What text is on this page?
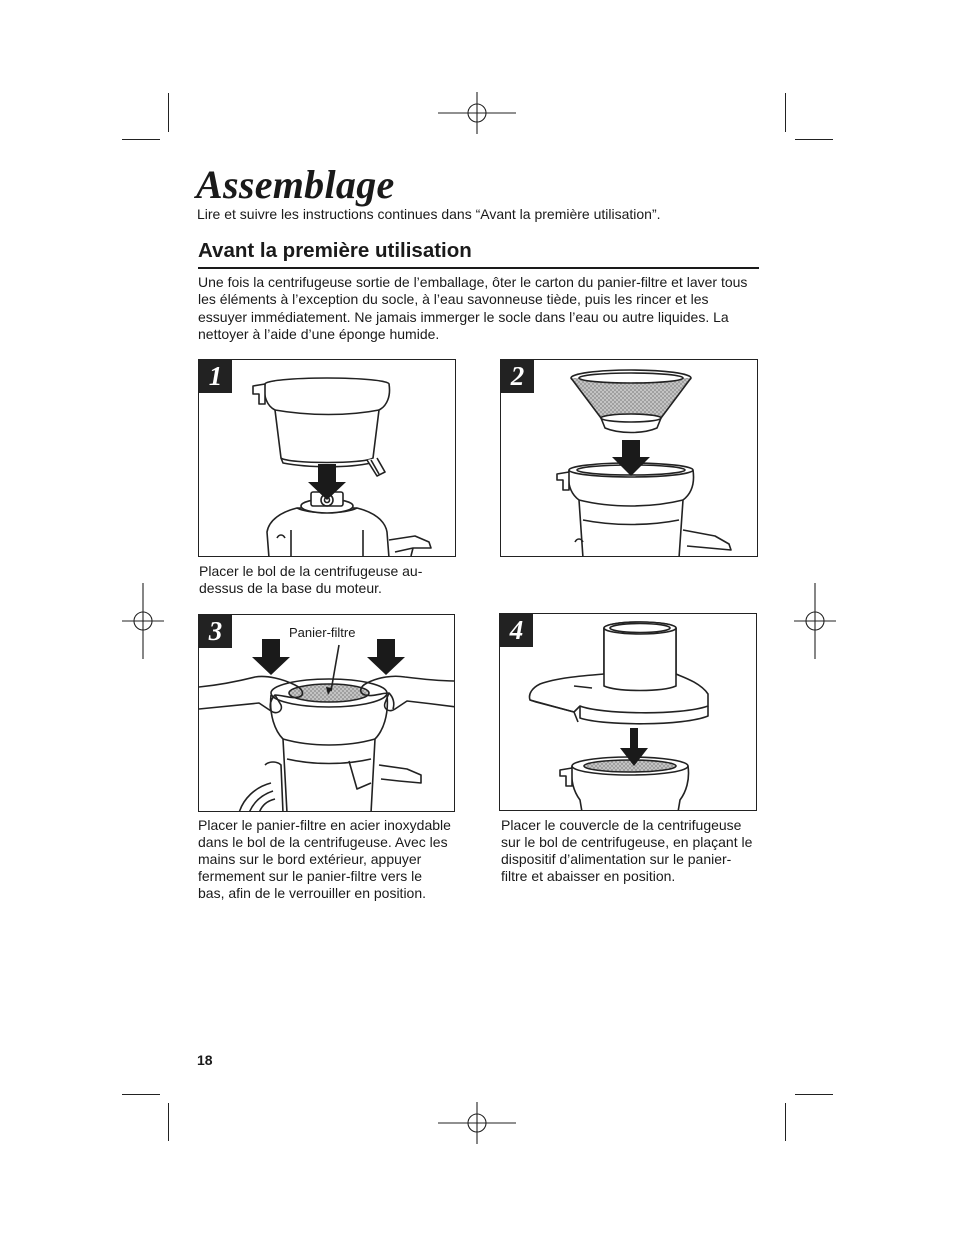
Assemblage
Lire et suivre les instructions continues dans “Avant la première utilisation”.
Avant la première utilisation
Une fois la centrifugeuse sortie de l’emballage, ôter le carton du panier-filtre et laver tous les éléments à l’exception du socle, à l’eau savonneuse tiède, puis les rincer et les essuyer immédiatement. Ne jamais immerger le socle dans l’eau ou autre liquides. La nettoyer à l’aide d’une éponge humide.
1
Placer le bol de la centrifugeuse au-dessus de la base du moteur.
2
3	Panier-filtre
Placer le panier-filtre en acier inoxydable dans le bol de la centrifugeuse. Avec les mains sur le bord extérieur, appuyer fermement sur le panier-filtre vers le bas, afin de le verrouiller en position.
4
Placer le couvercle de la centrifugeuse sur le bol de centrifugeuse, en plaçant le dispositif d’alimentation sur le panier-filtre et abaisser en position.
18
